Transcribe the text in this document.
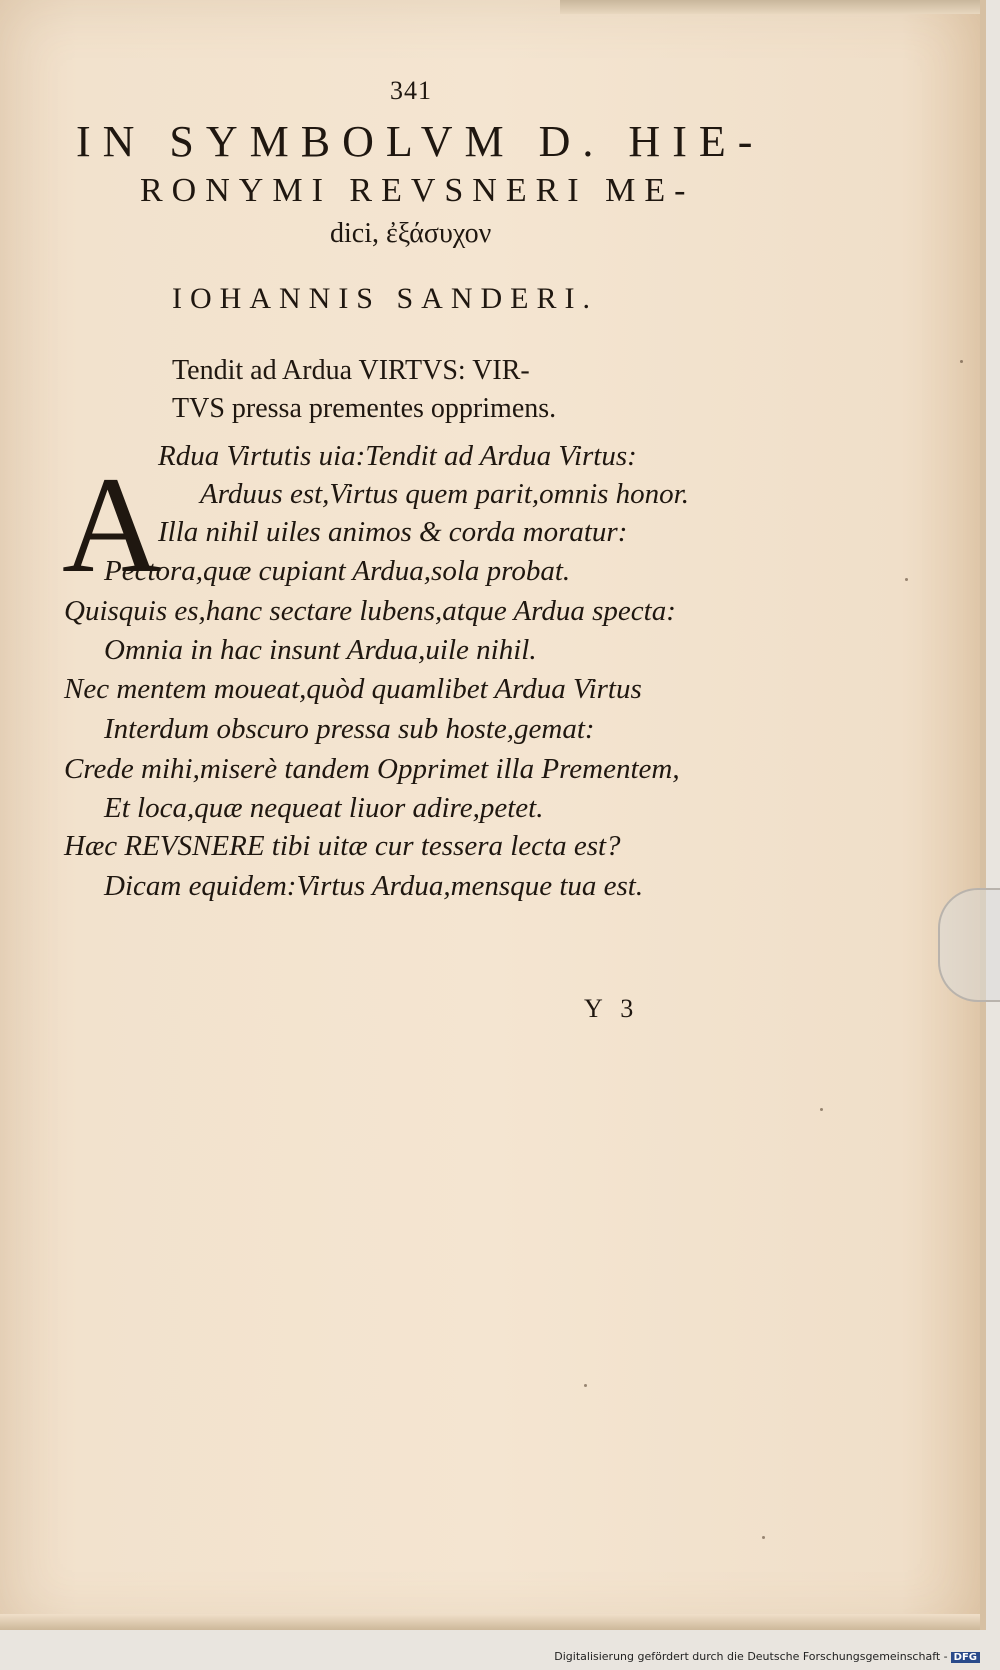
341
IN SYMBOLVM D. HIE-
RONYMI REVSNERI ME-
dici, ἐξάσυχον
IOHANNIS SANDERI.
Tendit ad Ardua VIRTVS: VIR-
TVS pressa prementes opprimens.
A
Rdua Virtutis uia:Tendit ad Ardua Virtus:
Arduus est,Virtus quem parit,omnis honor.
Illa nihil uiles animos & corda moratur:
Pectora,quæ cupiant Ardua,sola probat.
Quisquis es,hanc sectare lubens,atque Ardua specta:
Omnia in hac insunt Ardua,uile nihil.
Nec mentem moueat,quòd quamlibet Ardua Virtus
Interdum obscuro pressa sub hoste,gemat:
Crede mihi,miserè tandem Opprimet illa Prementem,
Et loca,quæ nequeat liuor adire,petet.
Hæc REVSNERE tibi uitæ cur tessera lecta est?
Dicam equidem:Virtus Ardua,mensque tua est.
Y 3
Digitalisierung gefördert durch die Deutsche Forschungsgemeinschaft - DFG
